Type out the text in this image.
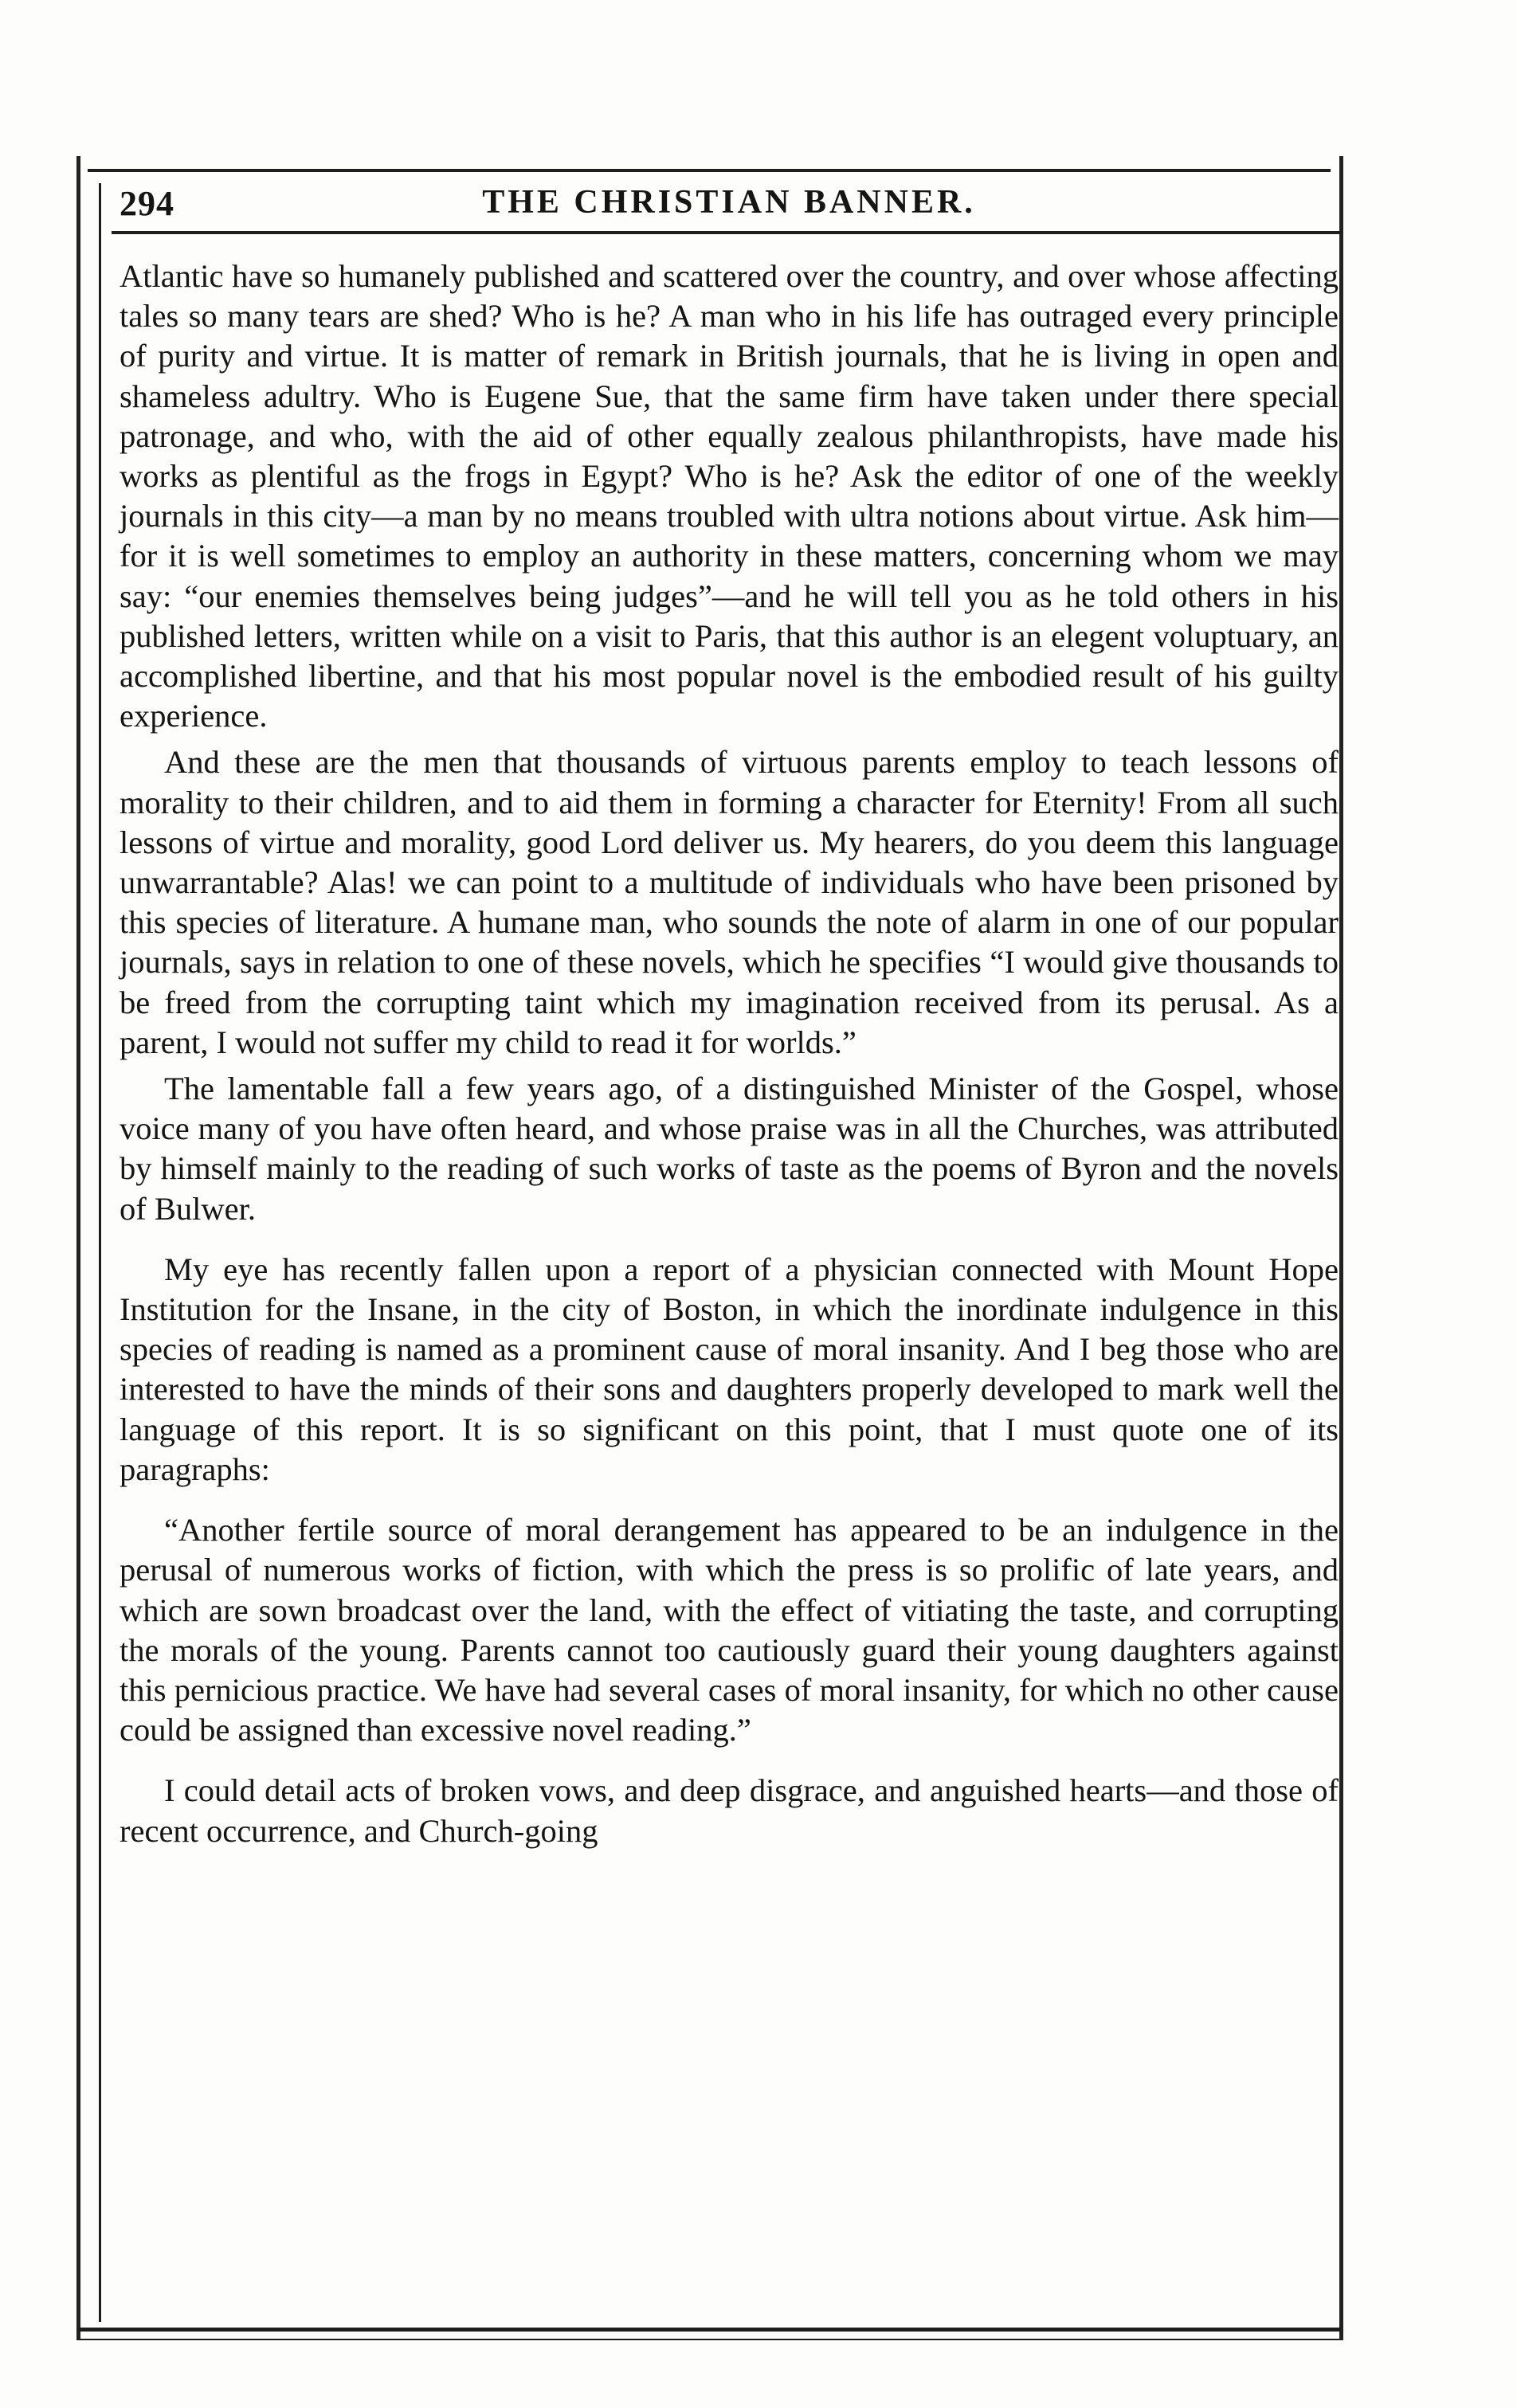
294	THE CHRISTIAN BANNER.

Atlantic have so humanely published and scattered over the country, and over whose affecting tales so many tears are shed? Who is he? A man who in his life has outraged every principle of purity and virtue. It is matter of remark in British journals, that he is living in open and shameless adultry. Who is Eugene Sue, that the same firm have taken under there special patronage, and who, with the aid of other equally zealous philanthropists, have made his works as plentiful as the frogs in Egypt? Who is he? Ask the editor of one of the weekly journals in this city—a man by no means troubled with ultra notions about virtue. Ask him—for it is well sometimes to employ an authority in these matters, concerning whom we may say: “our enemies themselves being judges”—and he will tell you as he told others in his published letters, written while on a visit to Paris, that this author is an elegent voluptuary, an accomplished libertine, and that his most popular novel is the embodied result of his guilty experience.

And these are the men that thousands of virtuous parents employ to teach lessons of morality to their children, and to aid them in forming a character for Eternity! From all such lessons of virtue and morality, good Lord deliver us. My hearers, do you deem this language unwarrantable? Alas! we can point to a multitude of individuals who have been prisoned by this species of literature. A humane man, who sounds the note of alarm in one of our popular journals, says in relation to one of these novels, which he specifies “I would give thousands to be freed from the corrupting taint which my imagination received from its perusal. As a parent, I would not suffer my child to read it for worlds.”

The lamentable fall a few years ago, of a distinguished Minister of the Gospel, whose voice many of you have often heard, and whose praise was in all the Churches, was attributed by himself mainly to the reading of such works of taste as the poems of Byron and the novels of Bulwer.

My eye has recently fallen upon a report of a physician connected with Mount Hope Institution for the Insane, in the city of Boston, in which the inordinate indulgence in this species of reading is named as a prominent cause of moral insanity. And I beg those who are interested to have the minds of their sons and daughters properly developed to mark well the language of this report. It is so significant on this point, that I must quote one of its paragraphs:

“Another fertile source of moral derangement has appeared to be an indulgence in the perusal of numerous works of fiction, with which the press is so prolific of late years, and which are sown broadcast over the land, with the effect of vitiating the taste, and corrupting the morals of the young. Parents cannot too cautiously guard their young daughters against this pernicious practice. We have had several cases of moral insanity, for which no other cause could be assigned than excessive novel reading.”

I could detail acts of broken vows, and deep disgrace, and anguished hearts—and those of recent occurrence, and Church-going
